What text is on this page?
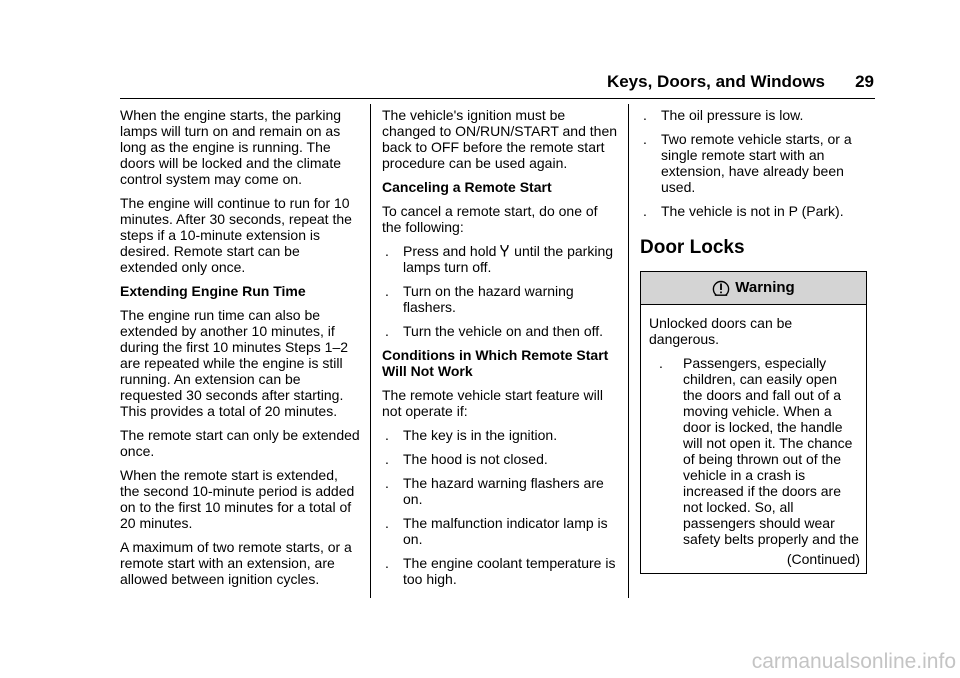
Keys, Doors, and Windows 29

When the engine starts, the parking lamps will turn on and remain on as long as the engine is running. The doors will be locked and the climate control system may come on.

The engine will continue to run for 10 minutes. After 30 seconds, repeat the steps if a 10-minute extension is desired. Remote start can be extended only once.

Extending Engine Run Time

The engine run time can also be extended by another 10 minutes, if during the first 10 minutes Steps 1–2 are repeated while the engine is still running. An extension can be requested 30 seconds after starting. This provides a total of 20 minutes.

The remote start can only be extended once.

When the remote start is extended, the second 10-minute period is added on to the first 10 minutes for a total of 20 minutes.

A maximum of two remote starts, or a remote start with an extension, are allowed between ignition cycles.

The vehicle's ignition must be changed to ON/RUN/START and then back to OFF before the remote start procedure can be used again.

Canceling a Remote Start

To cancel a remote start, do one of the following:

. Press and hold  until the parking lamps turn off.
. Turn on the hazard warning flashers.
. Turn the vehicle on and then off.

Conditions in Which Remote Start Will Not Work

The remote vehicle start feature will not operate if:

. The key is in the ignition.
. The hood is not closed.
. The hazard warning flashers are on.
. The malfunction indicator lamp is on.
. The engine coolant temperature is too high.
. The oil pressure is low.
. Two remote vehicle starts, or a single remote start with an extension, have already been used.
. The vehicle is not in P (Park).
Door Locks
Warning

Unlocked doors can be dangerous.

. Passengers, especially children, can easily open the doors and fall out of a moving vehicle. When a door is locked, the handle will not open it. The chance of being thrown out of the vehicle in a crash is increased if the doors are not locked. So, all passengers should wear safety belts properly and the
(Continued)
carmanualsonline.info
